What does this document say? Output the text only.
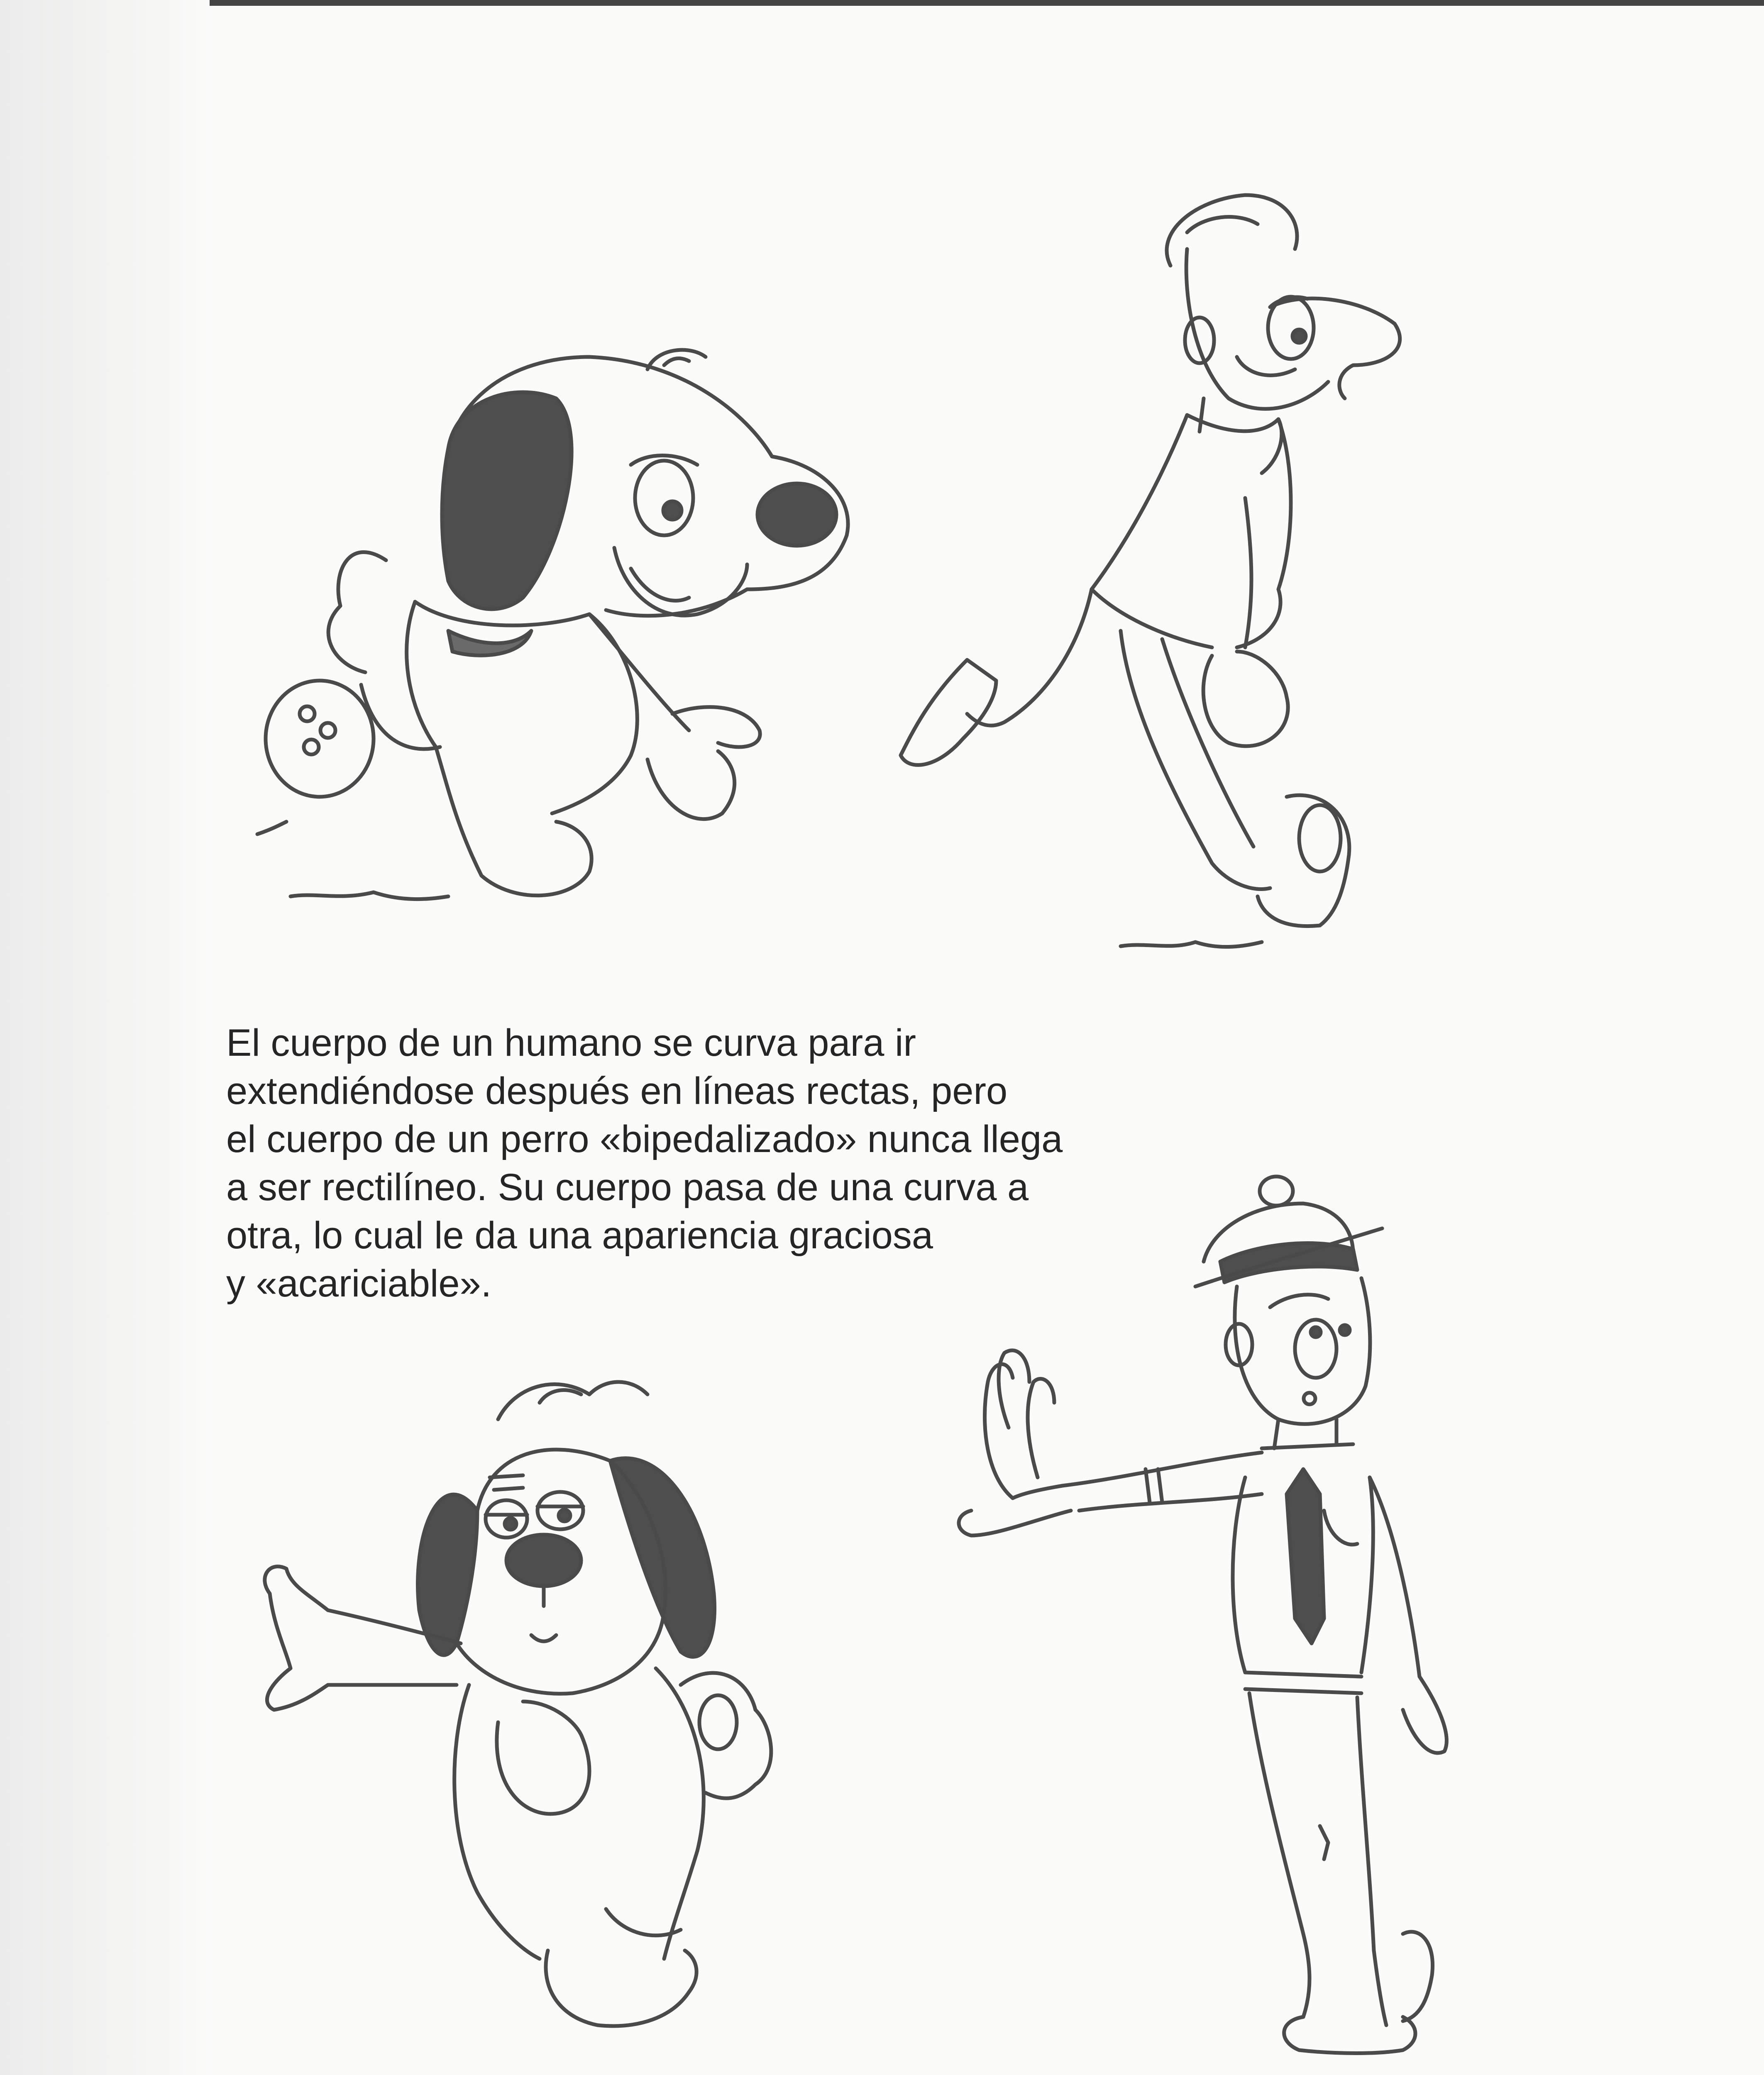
El cuerpo de un humano se curva para ir
extendiéndose después en líneas rectas, pero
el cuerpo de un perro «bipedalizado» nunca llega
a ser rectilíneo. Su cuerpo pasa de una curva a
otra, lo cual le da una apariencia graciosa
y «acariciable».
